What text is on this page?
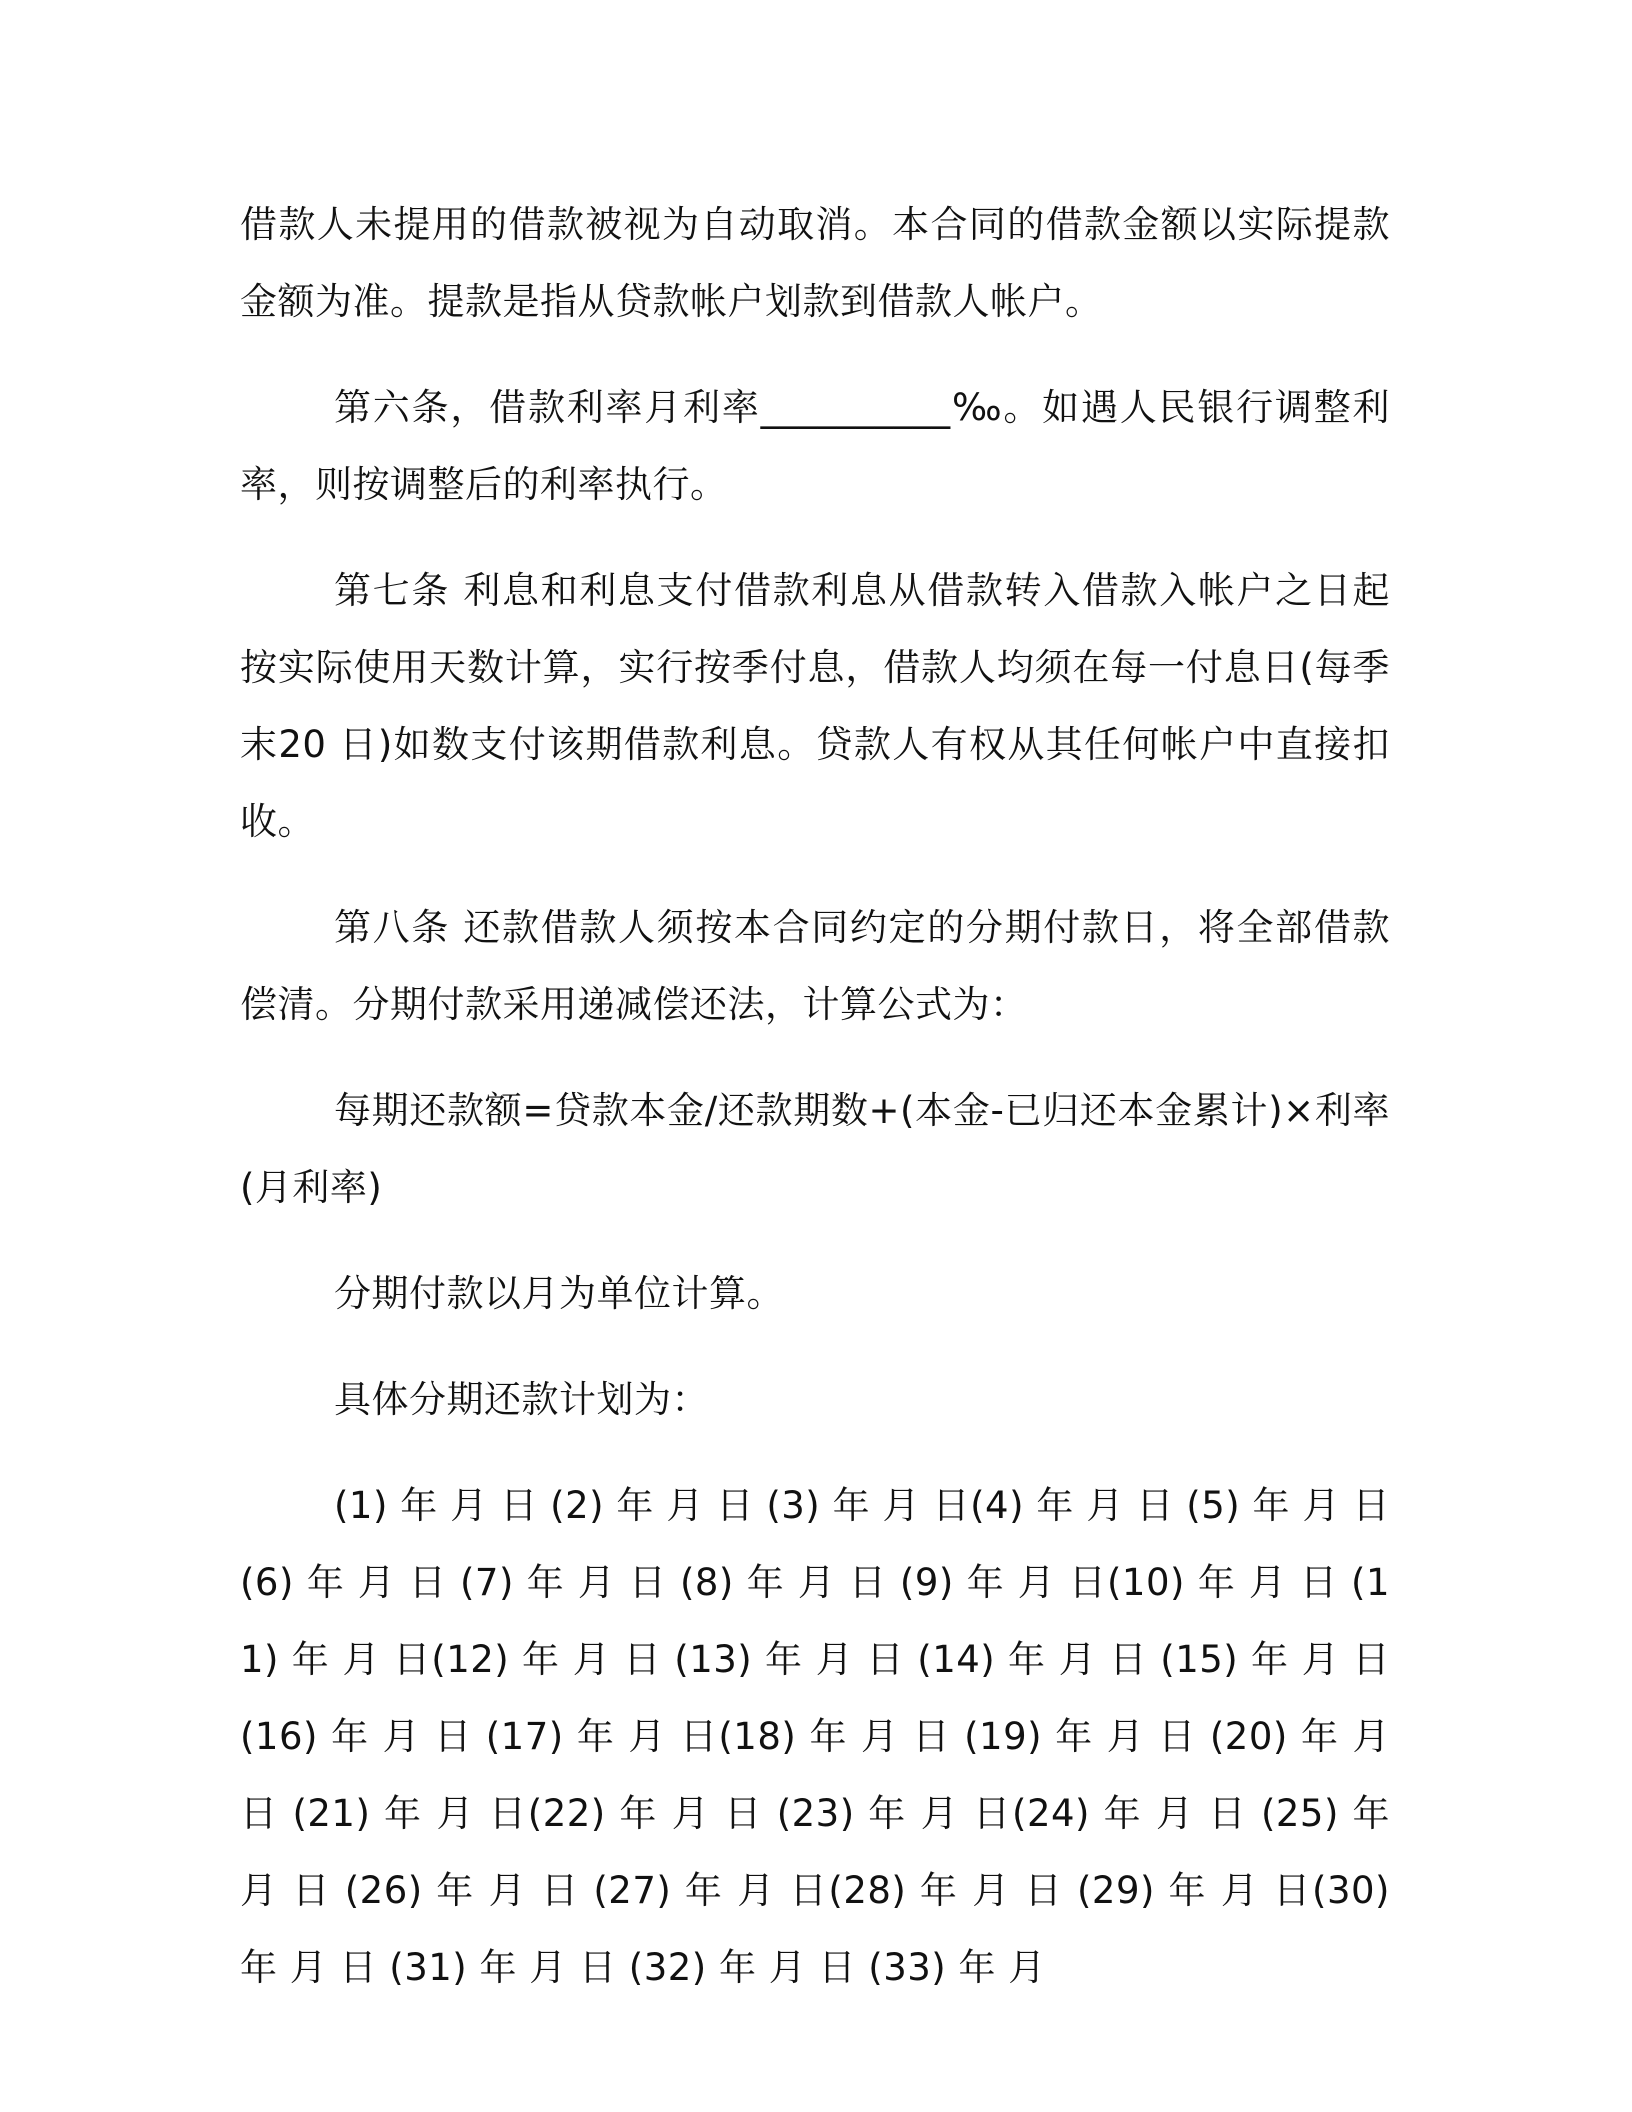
借款人未提用的借款被视为自动取消。本合同的借款金额以实际提款金额为准。提款是指从贷款帐户划款到借款人帐户。

第六条，借款利率月利率__________‰。如遇人民银行调整利率，则按调整后的利率执行。

第七条 利息和利息支付借款利息从借款转入借款入帐户之日起按实际使用天数计算，实行按季付息，借款人均须在每一付息日(每季末20 日)如数支付该期借款利息。贷款人有权从其任何帐户中直接扣收。

第八条 还款借款人须按本合同约定的分期付款日，将全部借款偿清。分期付款采用递减偿还法，计算公式为：

每期还款额=贷款本金/还款期数+(本金-已归还本金累计)×利率(月利率)

分期付款以月为单位计算。

具体分期还款计划为：

(1) 年 月 日 (2) 年 月 日 (3) 年 月 日(4) 年 月 日 (5) 年 月 日(6) 年 月 日 (7) 年 月 日 (8) 年 月 日 (9) 年 月 日(10) 年 月 日 (11) 年 月 日(12) 年 月 日 (13) 年 月 日 (14) 年 月 日 (15) 年 月 日(16) 年 月 日 (17) 年 月 日(18) 年 月 日 (19) 年 月 日 (20) 年 月 日 (21) 年 月 日(22) 年 月 日 (23) 年 月 日(24) 年 月 日 (25) 年 月 日 (26) 年 月 日 (27) 年 月 日(28) 年 月 日 (29) 年 月 日(30) 年 月 日 (31) 年 月 日 (32) 年 月 日 (33) 年 月
